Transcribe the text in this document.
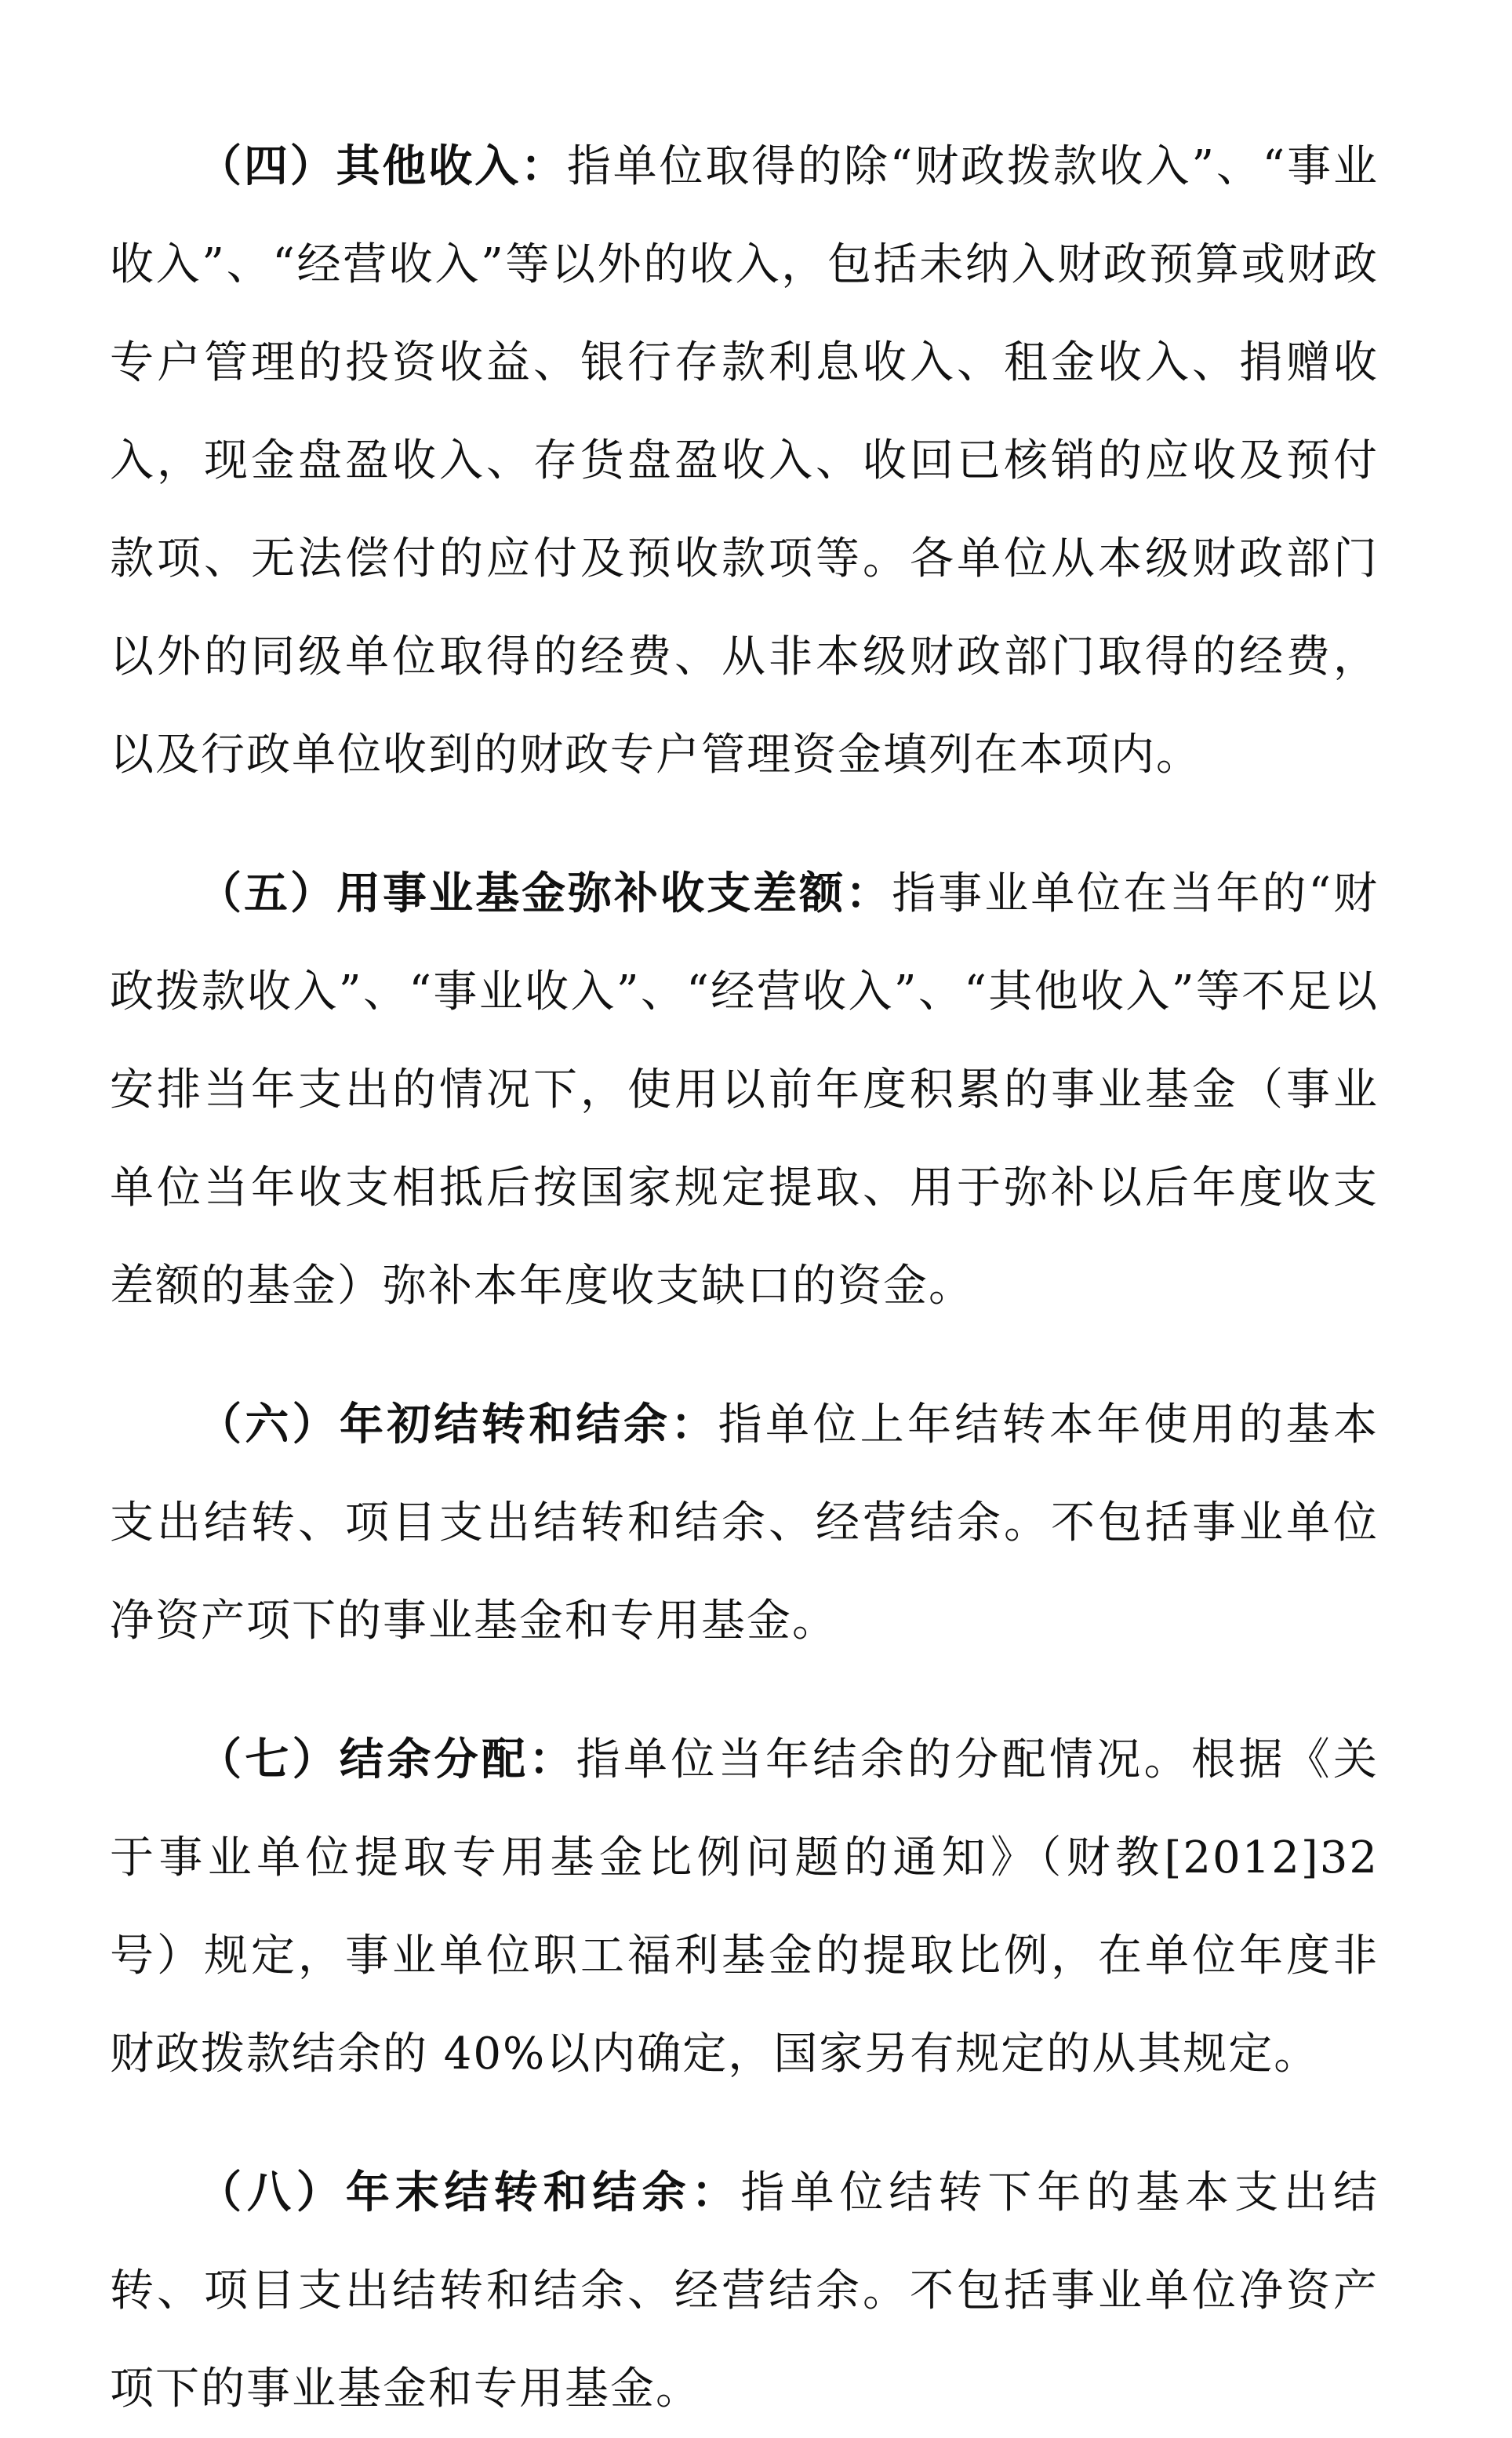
（四）其他收入：指单位取得的除“财政拨款收入”、“事业收入”、“经营收入”等以外的收入，包括未纳入财政预算或财政专户管理的投资收益、银行存款利息收入、租金收入、捐赠收入，现金盘盈收入、存货盘盈收入、收回已核销的应收及预付款项、无法偿付的应付及预收款项等。各单位从本级财政部门以外的同级单位取得的经费、从非本级财政部门取得的经费，以及行政单位收到的财政专户管理资金填列在本项内。

（五）用事业基金弥补收支差额：指事业单位在当年的“财政拨款收入”、“事业收入”、“经营收入”、“其他收入”等不足以安排当年支出的情况下，使用以前年度积累的事业基金（事业单位当年收支相抵后按国家规定提取、用于弥补以后年度收支差额的基金）弥补本年度收支缺口的资金。

（六）年初结转和结余：指单位上年结转本年使用的基本支出结转、项目支出结转和结余、经营结余。不包括事业单位净资产项下的事业基金和专用基金。

（七）结余分配：指单位当年结余的分配情况。根据《关于事业单位提取专用基金比例问题的通知》（财教[2012]32 号）规定，事业单位职工福利基金的提取比例，在单位年度非财政拨款结余的 40%以内确定，国家另有规定的从其规定。

（八）年末结转和结余：指单位结转下年的基本支出结转、项目支出结转和结余、经营结余。不包括事业单位净资产项下的事业基金和专用基金。
